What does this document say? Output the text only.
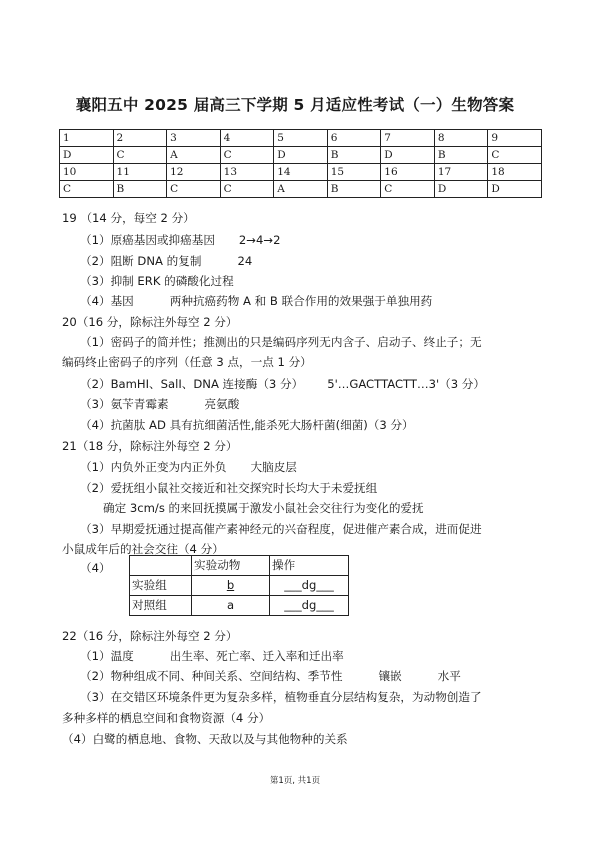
襄阳五中 2025 届高三下学期 5 月适应性考试（一）生物答案
1	2	3	4	5	6	7	8	9
D	C	A	C	D	B	D	B	C
10	11	12	13	14	15	16	17	18
C	B	C	C	A	B	C	D	D
19 （14 分，每空 2 分）
（1）原癌基因或抑癌基因 2→4→2
（2）阻断 DNA 的复制	24
（3）抑制 ERK 的磷酸化过程
（4）基因	两种抗癌药物 A 和 B 联合作用的效果强于单独用药
20（16 分，除标注外每空 2 分）
（1）密码子的简并性；推测出的只是编码序列无内含子、启动子、终止子；无
编码终止密码子的序列（任意 3 点，一点 1 分）
（2）BamHI、SalI、DNA 连接酶（3 分） 5'…GACTTACTT…3'（3 分）
（3）氨苄青霉素	亮氨酸
（4）抗菌肽 AD 具有抗细菌活性,能杀死大肠杆菌(细菌)（3 分）
21（18 分，除标注外每空 2 分）
（1）内负外正变为内正外负 大脑皮层
（2）爱抚组小鼠社交接近和社交探究时长均大于未爱抚组
确定 3cm/s 的来回抚摸属于激发小鼠社会交往行为变化的爱抚
（3）早期爱抚通过提高催产素神经元的兴奋程度，促进催产素合成，进而促进
小鼠成年后的社会交往（4 分）
（4）
		实验动物	操作
实验组	b	___dg___
对照组	a	___dg___
22（16 分，除标注外每空 2 分）
（1）温度	出生率、死亡率、迁入率和迁出率
（2）物种组成不同、种间关系、空间结构、季节性	镶嵌	水平
（3）在交错区环境条件更为复杂多样，植物垂直分层结构复杂，为动物创造了
多种多样的栖息空间和食物资源（4 分）
（4）白鹭的栖息地、食物、天敌以及与其他物种的关系
第1页, 共1页
